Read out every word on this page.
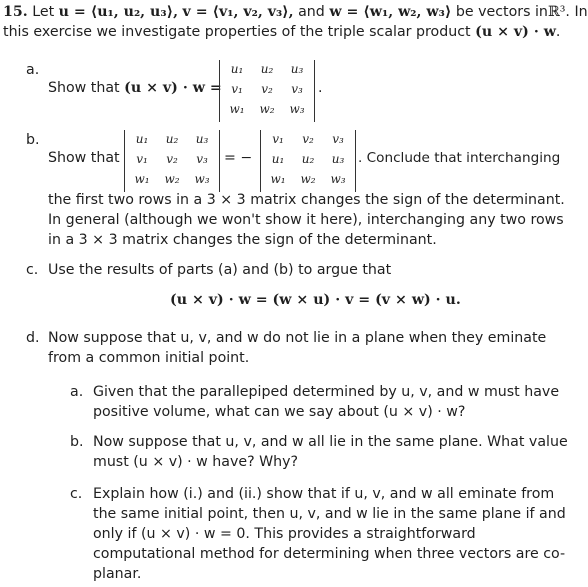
15. Let u = ⟨u₁, u₂, u₃⟩, v = ⟨v₁, v₂, v₃⟩, and w = ⟨w₁, w₂, w₃⟩ be vectors inℝ³. In
this exercise we investigate properties of the triple scalar product (u × v) · w.
a.
Show that (u × v) · w =
u₁	u₂	u₃
v₁	v₂	v₃
w₁	w₂	w₃
.
b.
Show that
u₁	u₂	u₃
v₁	v₂	v₃
w₁	w₂	w₃
= −
v₁	v₂	v₃
u₁	u₂	u₃
w₁	w₂	w₃
. Conclude that interchanging
the first two rows in a 3 × 3 matrix changes the sign of the determinant.
In general (although we won't show it here), interchanging any two rows
in a 3 × 3 matrix changes the sign of the determinant.
c. Use the results of parts (a) and (b) to argue that
(u × v) · w = (w × u) · v = (v × w) · u.
d. Now suppose that u, v, and w do not lie in a plane when they eminate
from a common initial point.
a. Given that the parallepiped determined by u, v, and w must have
positive volume, what can we say about (u × v) · w?
b. Now suppose that u, v, and w all lie in the same plane. What value
must (u × v) · w have? Why?
c. Explain how (i.) and (ii.) show that if u, v, and w all eminate from
the same initial point, then u, v, and w lie in the same plane if and
only if (u × v) · w = 0. This provides a straightforward
computational method for determining when three vectors are co-
planar.
